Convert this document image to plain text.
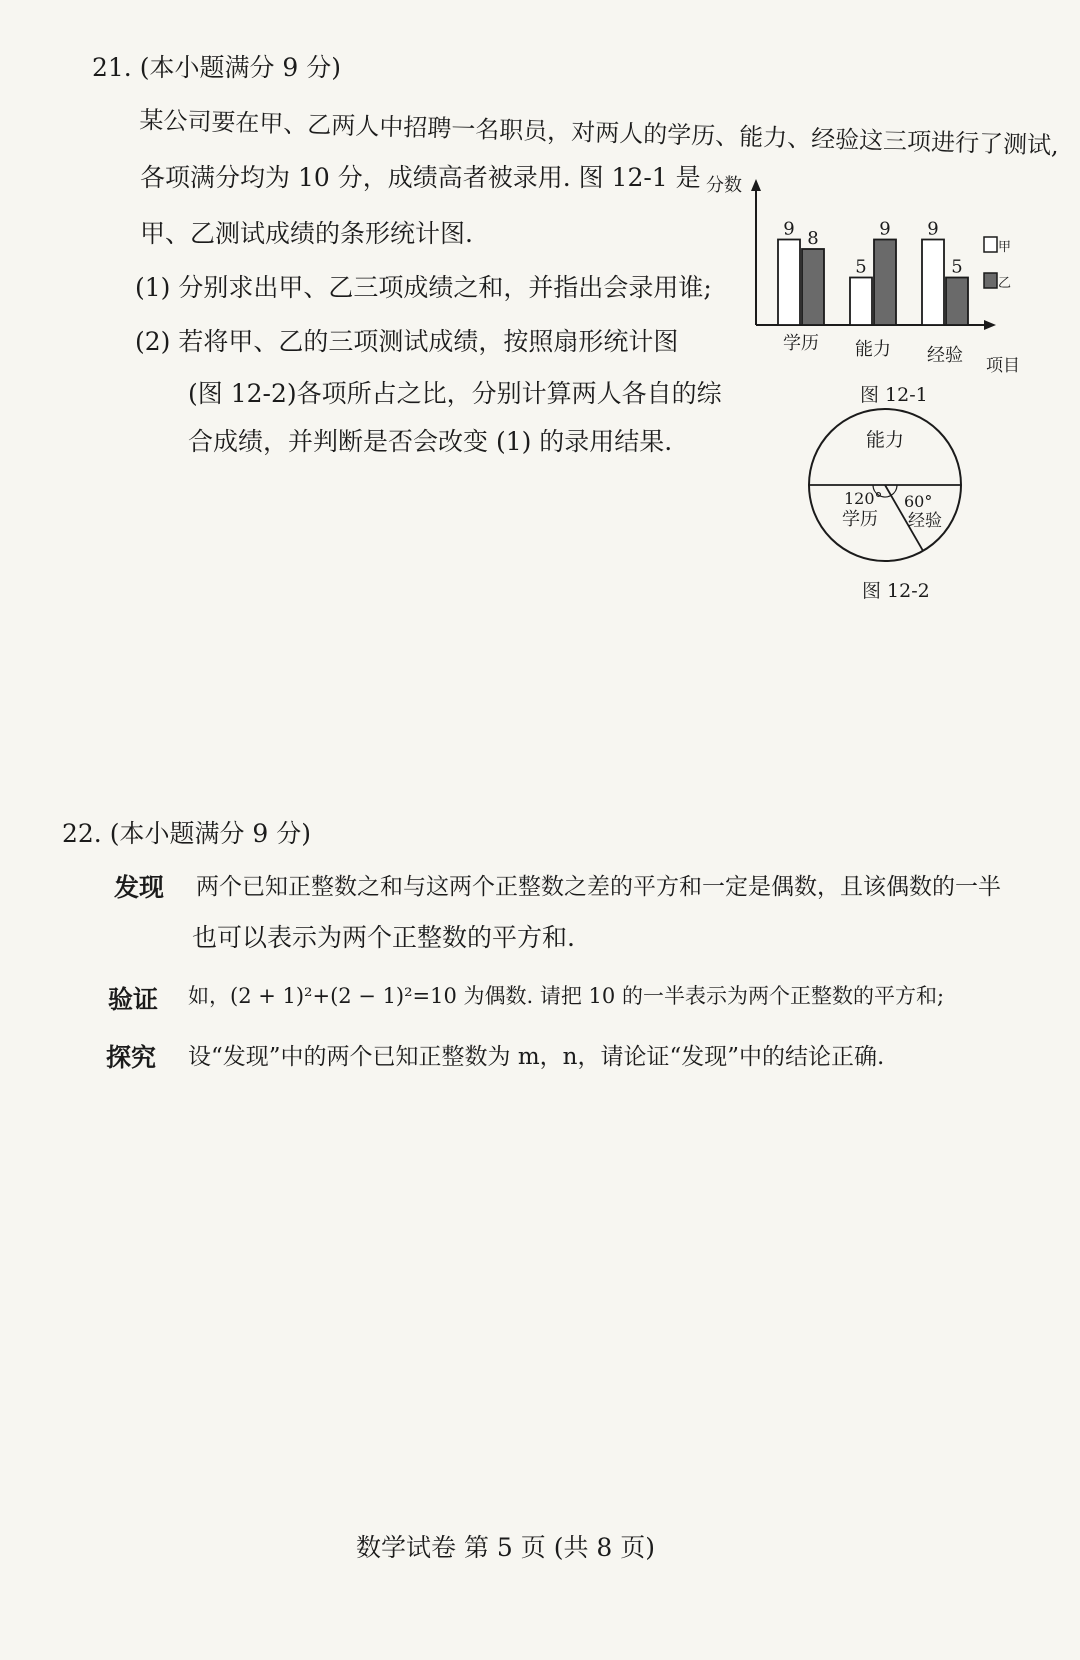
21. (本小题满分 9 分)
某公司要在甲、乙两人中招聘一名职员，对两人的学历、能力、经验这三项进行了测试,
各项满分均为 10 分，成绩高者被录用. 图 12-1 是
甲、乙测试成绩的条形统计图.
(1) 分别求出甲、乙三项成绩之和，并指出会录用谁;
(2) 若将甲、乙的三项测试成绩，按照扇形统计图
(图 12-2)各项所占之比，分别计算两人各自的综
合成绩，并判断是否会改变 (1) 的录用结果.
分数
项目
9 8
学历
5
9
能力
9
5
经验
甲
乙
图 12-1
能力
120°
学历
60°
经验
图 12-2
22. (本小题满分 9 分)
发现 两个已知正整数之和与这两个正整数之差的平方和一定是偶数，且该偶数的一半
也可以表示为两个正整数的平方和.
验证 如，(2 + 1)²+(2 − 1)²=10 为偶数. 请把 10 的一半表示为两个正整数的平方和;
探究 设“发现”中的两个已知正整数为 m，n，请论证“发现”中的结论正确.
数学试卷 第 5 页 (共 8 页)
